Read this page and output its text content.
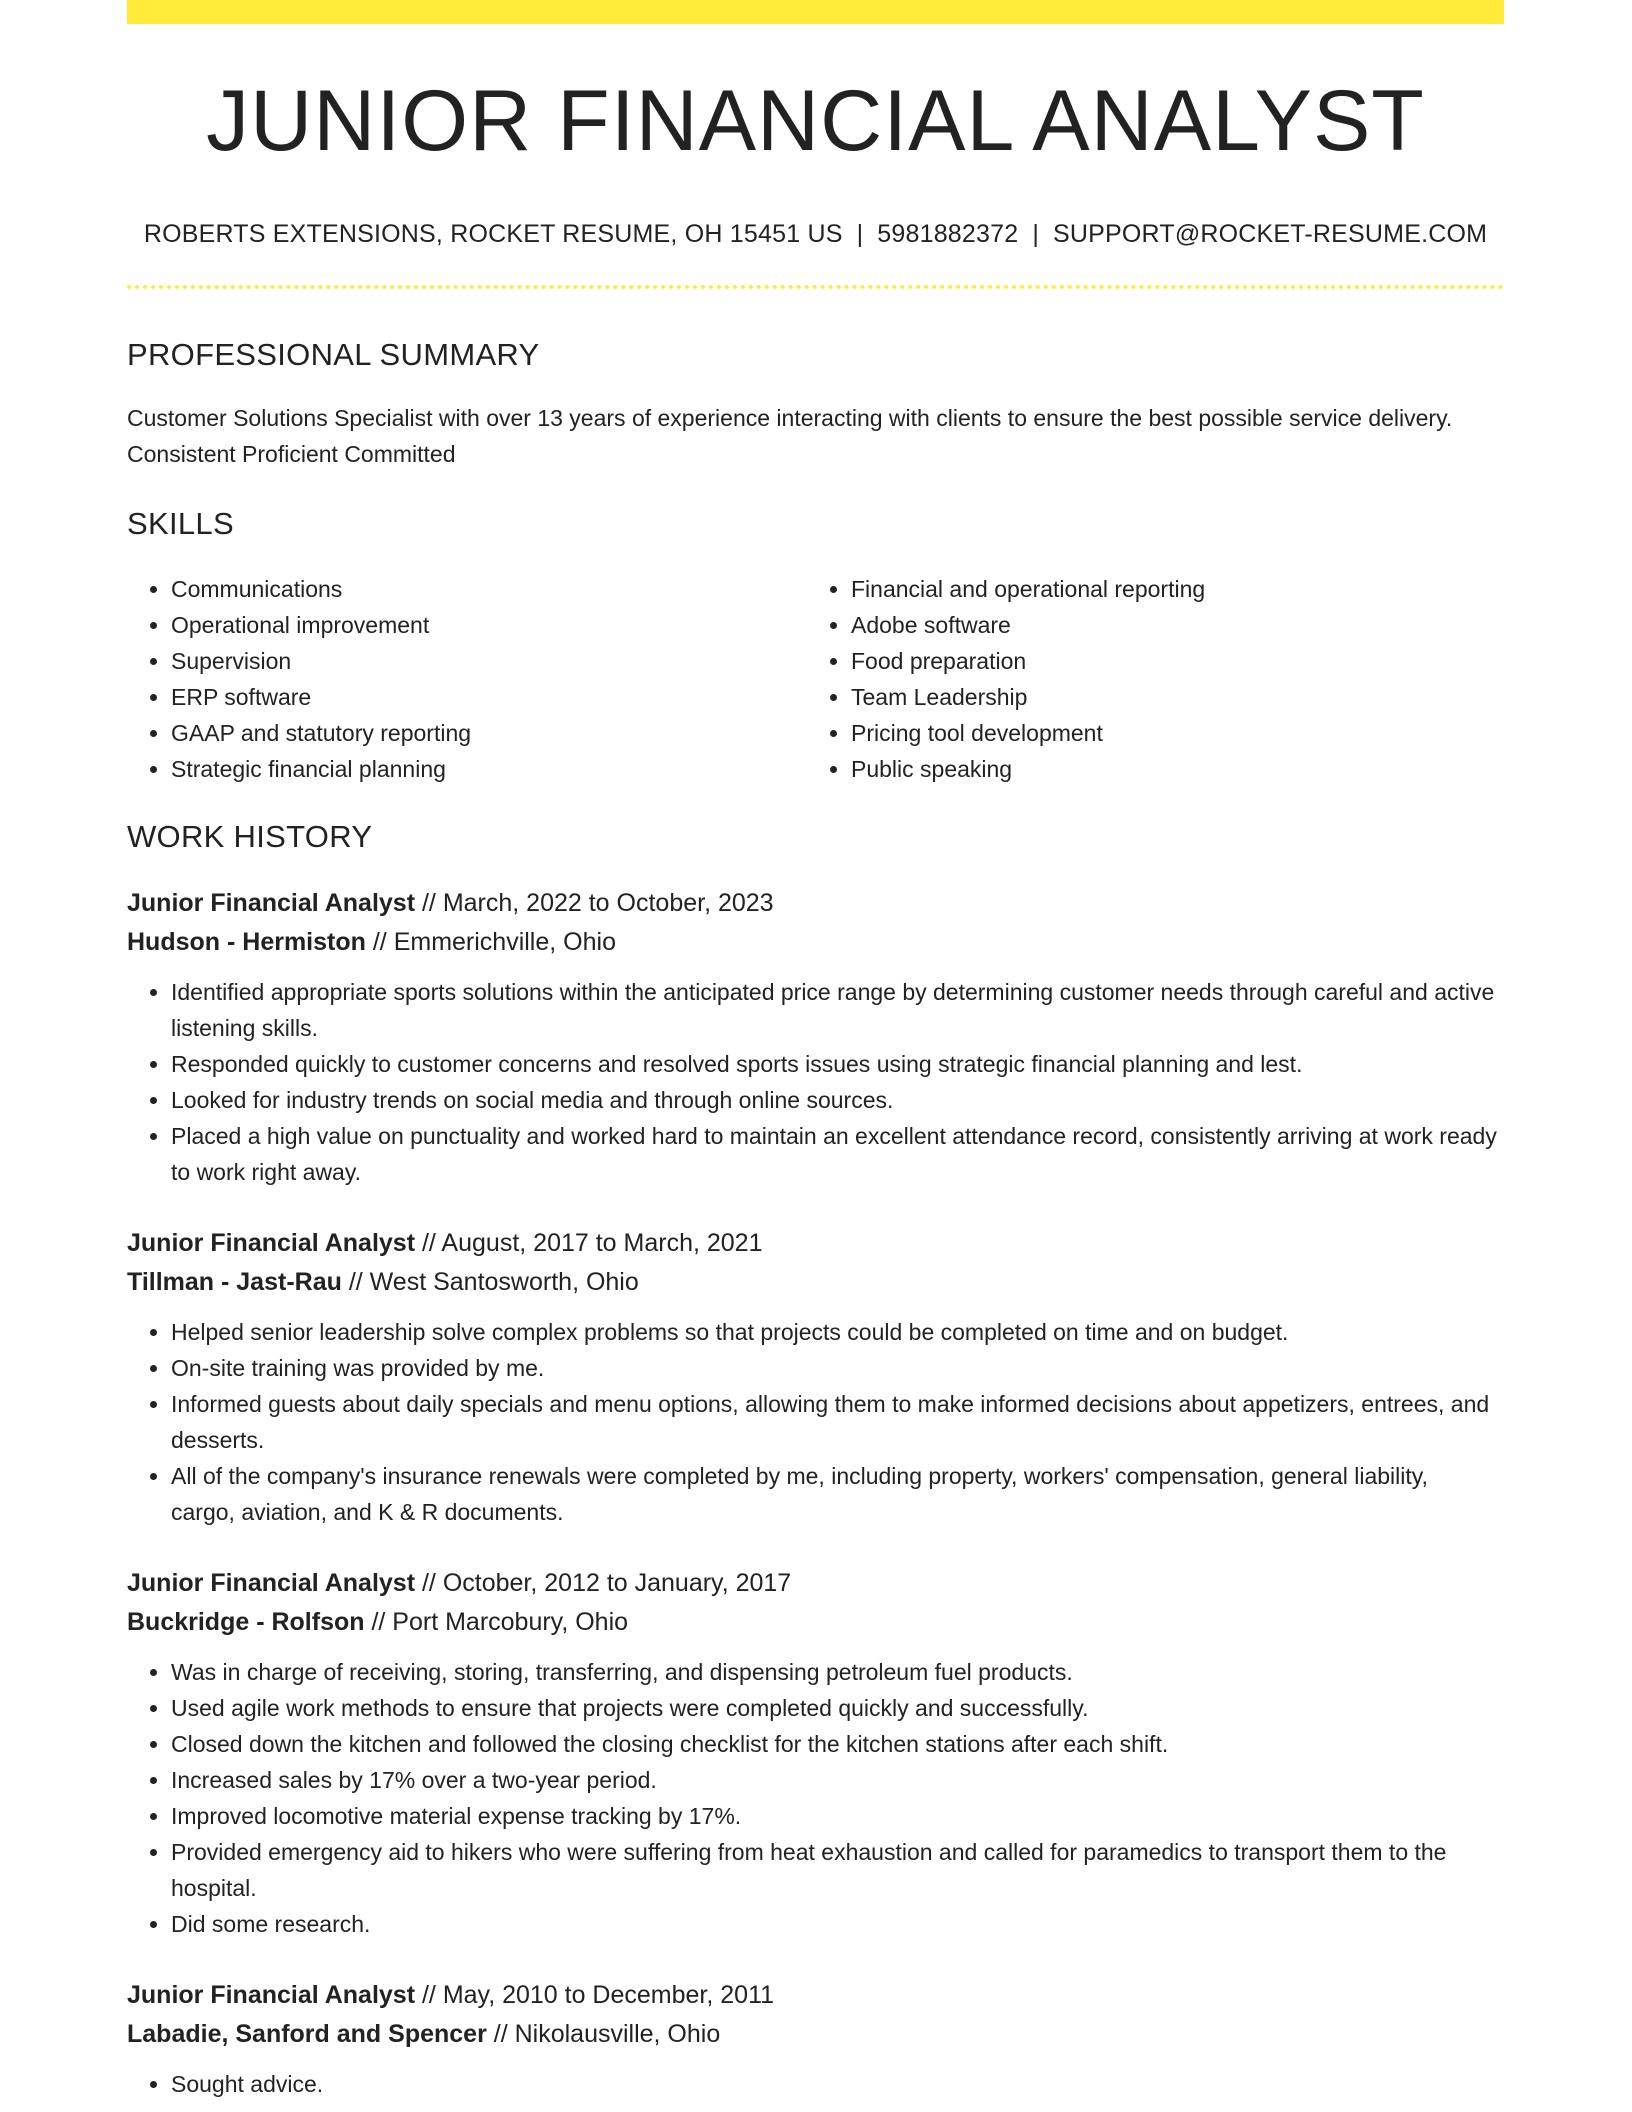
JUNIOR FINANCIAL ANALYST
ROBERTS EXTENSIONS, ROCKET RESUME, OH 15451 US | 5981882372 | SUPPORT@ROCKET-RESUME.COM
PROFESSIONAL SUMMARY
Customer Solutions Specialist with over 13 years of experience interacting with clients to ensure the best possible service delivery. Consistent Proficient Committed
SKILLS
• Communications
• Operational improvement
• Supervision
• ERP software
• GAAP and statutory reporting
• Strategic financial planning
• Financial and operational reporting
• Adobe software
• Food preparation
• Team Leadership
• Pricing tool development
• Public speaking
WORK HISTORY
Junior Financial Analyst // March, 2022 to October, 2023
Hudson - Hermiston // Emmerichville, Ohio
• Identified appropriate sports solutions within the anticipated price range by determining customer needs through careful and active listening skills.
• Responded quickly to customer concerns and resolved sports issues using strategic financial planning and lest.
• Looked for industry trends on social media and through online sources.
• Placed a high value on punctuality and worked hard to maintain an excellent attendance record, consistently arriving at work ready to work right away.
Junior Financial Analyst // August, 2017 to March, 2021
Tillman - Jast-Rau // West Santosworth, Ohio
• Helped senior leadership solve complex problems so that projects could be completed on time and on budget.
• On-site training was provided by me.
• Informed guests about daily specials and menu options, allowing them to make informed decisions about appetizers, entrees, and desserts.
• All of the company's insurance renewals were completed by me, including property, workers' compensation, general liability, cargo, aviation, and K & R documents.
Junior Financial Analyst // October, 2012 to January, 2017
Buckridge - Rolfson // Port Marcobury, Ohio
• Was in charge of receiving, storing, transferring, and dispensing petroleum fuel products.
• Used agile work methods to ensure that projects were completed quickly and successfully.
• Closed down the kitchen and followed the closing checklist for the kitchen stations after each shift.
• Increased sales by 17% over a two-year period.
• Improved locomotive material expense tracking by 17%.
• Provided emergency aid to hikers who were suffering from heat exhaustion and called for paramedics to transport them to the hospital.
• Did some research.
Junior Financial Analyst // May, 2010 to December, 2011
Labadie, Sanford and Spencer // Nikolausville, Ohio
• Sought advice.
